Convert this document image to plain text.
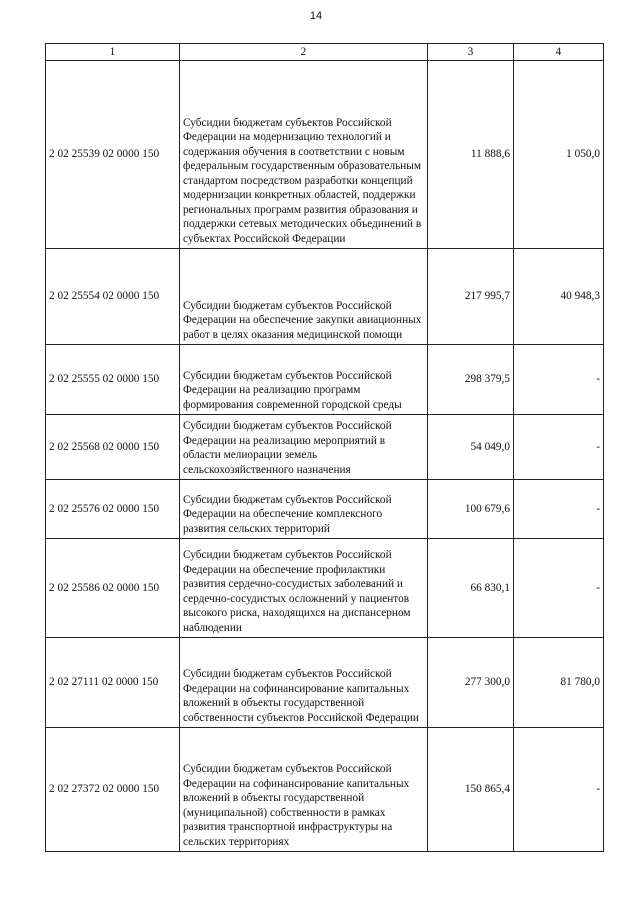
14
1	2	3	4
2 02 25539 02 0000 150	Субсидии бюджетам субъектов Российской Федерации на модернизацию технологий и содержания обучения в соответствии с новым федеральным государственным образовательным стандартом посредством разработки концепций модернизации конкретных областей, поддержки региональных программ развития образования и поддержки сетевых методических объединений в субъектах Российской Федерации	11 888,6	1 050,0
2 02 25554 02 0000 150	Субсидии бюджетам субъектов Российской Федерации на обеспечение закупки авиационных работ в целях оказания медицинской помощи	217 995,7	40 948,3
2 02 25555 02 0000 150	Субсидии бюджетам субъектов Российской Федерации на реализацию программ формирования современной городской среды	298 379,5	-
2 02 25568 02 0000 150	Субсидии бюджетам субъектов Российской Федерации на реализацию мероприятий в области мелиорации земель сельскохозяйственного назначения	54 049,0	-
2 02 25576 02 0000 150	Субсидии бюджетам субъектов Российской Федерации на обеспечение комплексного развития сельских территорий	100 679,6	-
2 02 25586 02 0000 150	Субсидии бюджетам субъектов Российской Федерации на обеспечение профилактики развития сердечно-сосудистых заболеваний и сердечно-сосудистых осложнений у пациентов высокого риска, находящихся на диспансерном наблюдении	66 830,1	-
2 02 27111 02 0000 150	Субсидии бюджетам субъектов Российской Федерации на софинансирование капитальных вложений в объекты государственной собственности субъектов Российской Федерации	277 300,0	81 780,0
2 02 27372 02 0000 150	Субсидии бюджетам субъектов Российской Федерации на софинансирование капитальных вложений в объекты государственной (муниципальной) собственности в рамках развития транспортной инфраструктуры на сельских территориях	150 865,4	-
